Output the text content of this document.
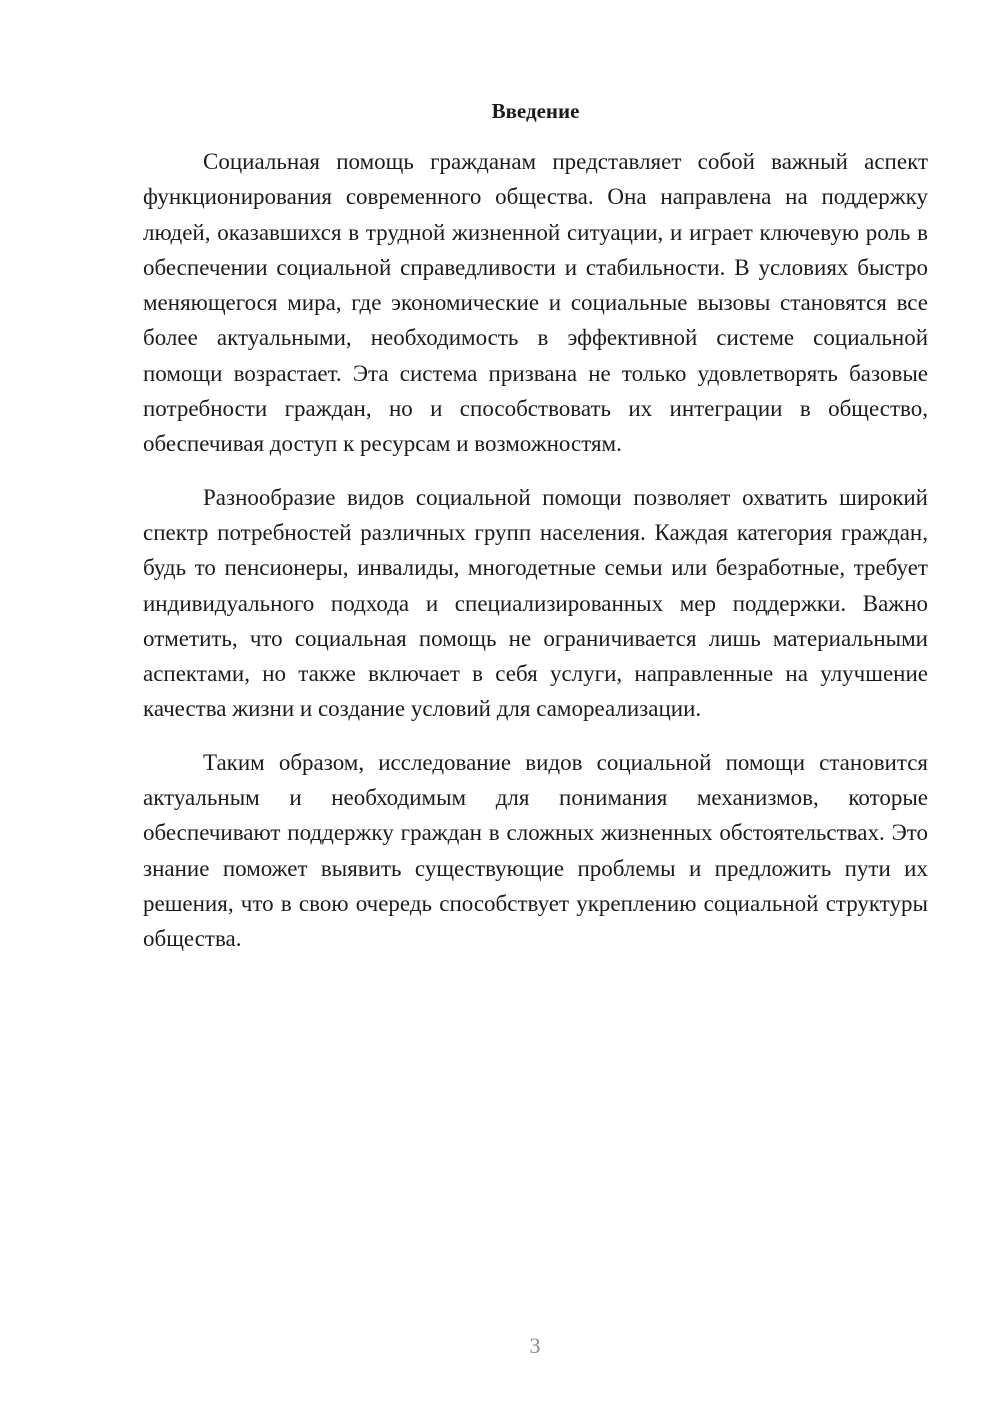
Введение

Социальная помощь гражданам представляет собой важный аспект функционирования современного общества. Она направлена на поддержку людей, оказавшихся в трудной жизненной ситуации, и играет ключевую роль в обеспечении социальной справедливости и стабильности. В условиях быстро меняющегося мира, где экономические и социальные вызовы становятся все более актуальными, необходимость в эффективной системе социальной помощи возрастает. Эта система призвана не только удовлетворять базовые потребности граждан, но и способствовать их интеграции в общество, обеспечивая доступ к ресурсам и возможностям.

Разнообразие видов социальной помощи позволяет охватить широкий спектр потребностей различных групп населения. Каждая категория граждан, будь то пенсионеры, инвалиды, многодетные семьи или безработные, требует индивидуального подхода и специализированных мер поддержки. Важно отметить, что социальная помощь не ограничивается лишь материальными аспектами, но также включает в себя услуги, направленные на улучшение качества жизни и создание условий для самореализации.

Таким образом, исследование видов социальной помощи становится актуальным и необходимым для понимания механизмов, которые обеспечивают поддержку граждан в сложных жизненных обстоятельствах. Это знание поможет выявить существующие проблемы и предложить пути их решения, что в свою очередь способствует укреплению социальной структуры общества.

3
